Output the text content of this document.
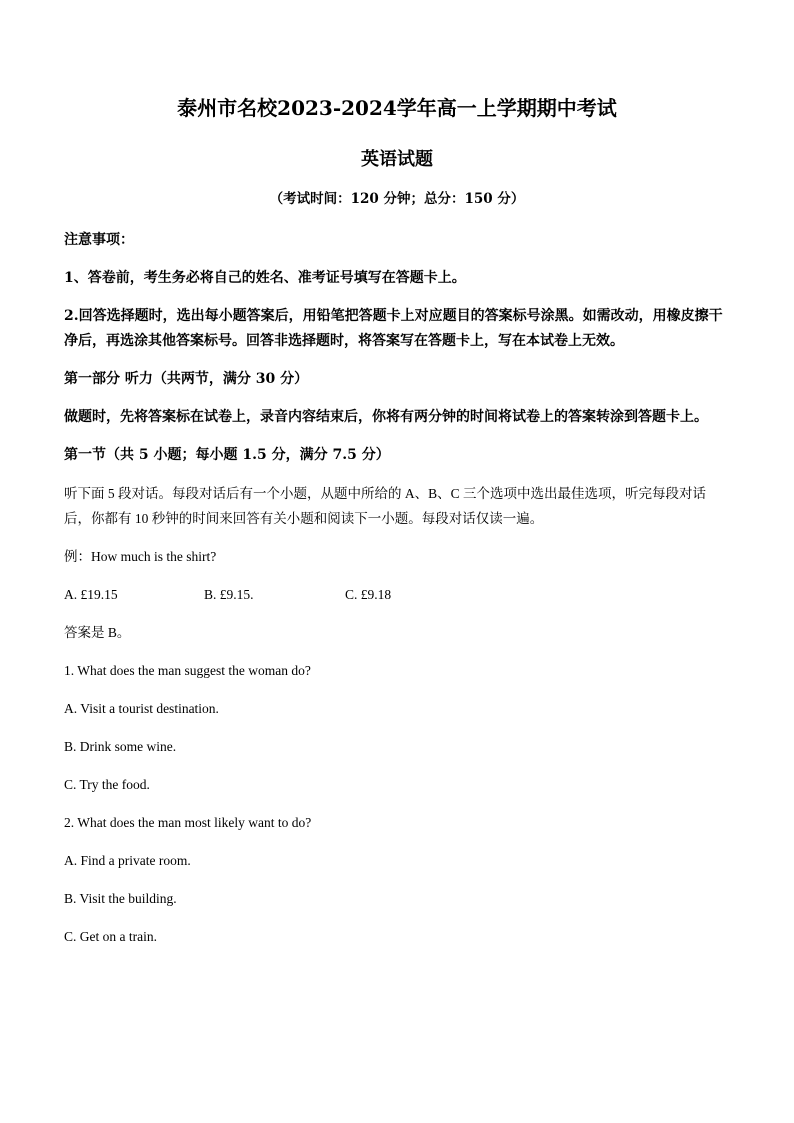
泰州市名校2023-2024学年高一上学期期中考试
英语试题
（考试时间：120 分钟；总分：150 分）
注意事项：
1、答卷前，考生务必将自己的姓名、准考证号填写在答题卡上。
2.回答选择题时，选出每小题答案后，用铅笔把答题卡上对应题目的答案标号涂黑。如需改动，用橡皮擦干净后，再选涂其他答案标号。回答非选择题时，将答案写在答题卡上，写在本试卷上无效。
第一部分 听力（共两节，满分 30 分）
做题时，先将答案标在试卷上，录音内容结束后，你将有两分钟的时间将试卷上的答案转涂到答题卡上。
第一节（共 5 小题；每小题 1.5 分，满分 7.5 分）
听下面 5 段对话。每段对话后有一个小题，从题中所给的 A、B、C 三个选项中选出最佳选项，听完每段对话后，你都有 10 秒钟的时间来回答有关小题和阅读下一小题。每段对话仅读一遍。
例：How much is the shirt?
A. £19.15	B. £9.15.	C. £9.18
答案是 B。
1. What does the man suggest the woman do?
A. Visit a tourist destination.
B. Drink some wine.
C. Try the food.
2. What does the man most likely want to do?
A. Find a private room.
B. Visit the building.
C. Get on a train.
